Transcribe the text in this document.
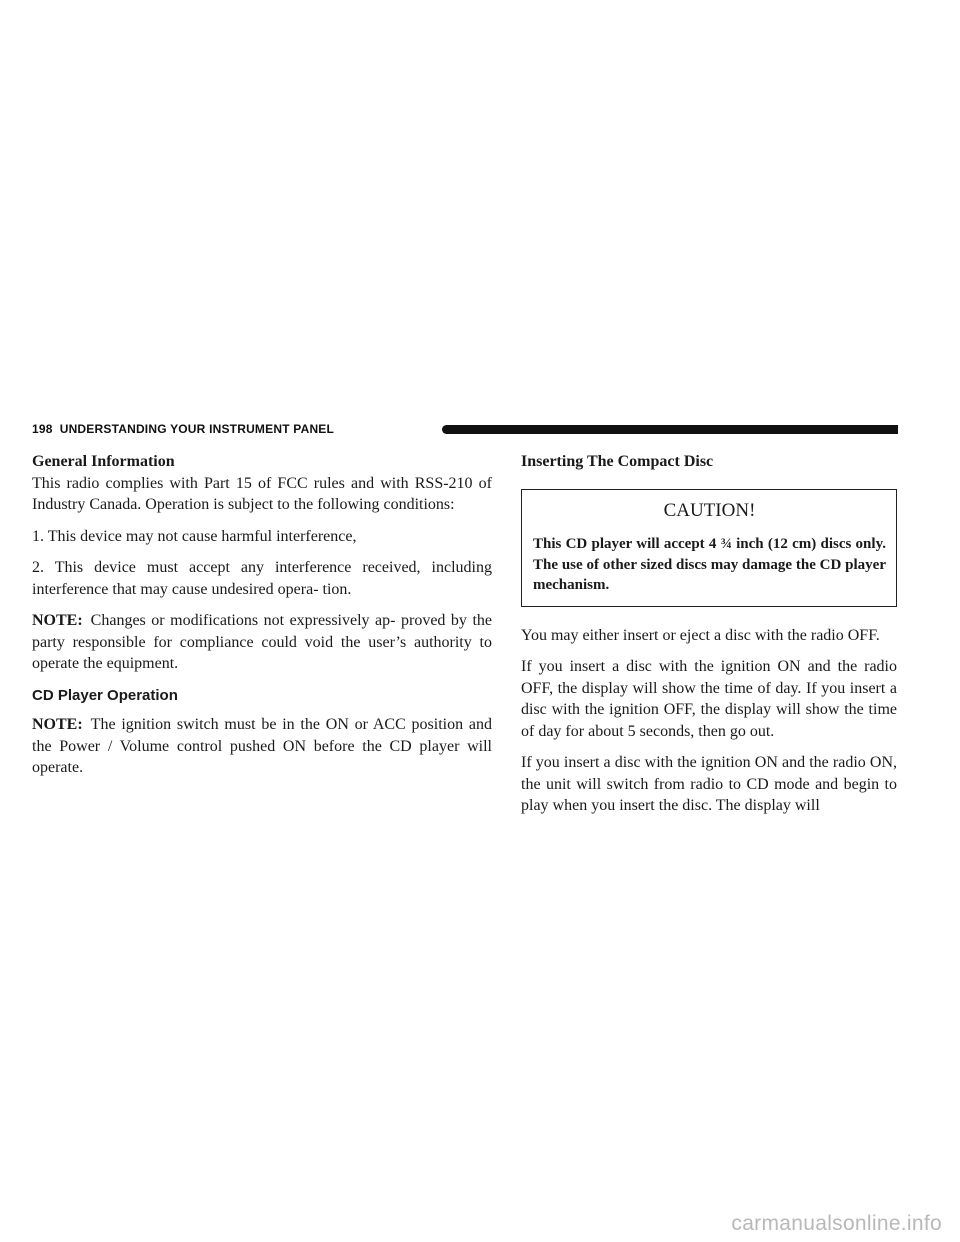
198 UNDERSTANDING YOUR INSTRUMENT PANEL
General Information

This radio complies with Part 15 of FCC rules and with RSS-210 of Industry Canada. Operation is subject to the following conditions:

1. This device may not cause harmful interference,

2. This device must accept any interference received, including interference that may cause undesired opera- tion.

NOTE: Changes or modifications not expressively ap- proved by the party responsible for compliance could void the user’s authority to operate the equipment.

CD Player Operation

NOTE: The ignition switch must be in the ON or ACC position and the Power / Volume control pushed ON before the CD player will operate.

Inserting The Compact Disc
CAUTION!

This CD player will accept 4 ¾ inch (12 cm) discs only. The use of other sized discs may damage the CD player mechanism.

You may either insert or eject a disc with the radio OFF.

If you insert a disc with the ignition ON and the radio OFF, the display will show the time of day. If you insert a disc with the ignition OFF, the display will show the time of day for about 5 seconds, then go out.

If you insert a disc with the ignition ON and the radio ON, the unit will switch from radio to CD mode and begin to play when you insert the disc. The display will

carmanualsonline.info
